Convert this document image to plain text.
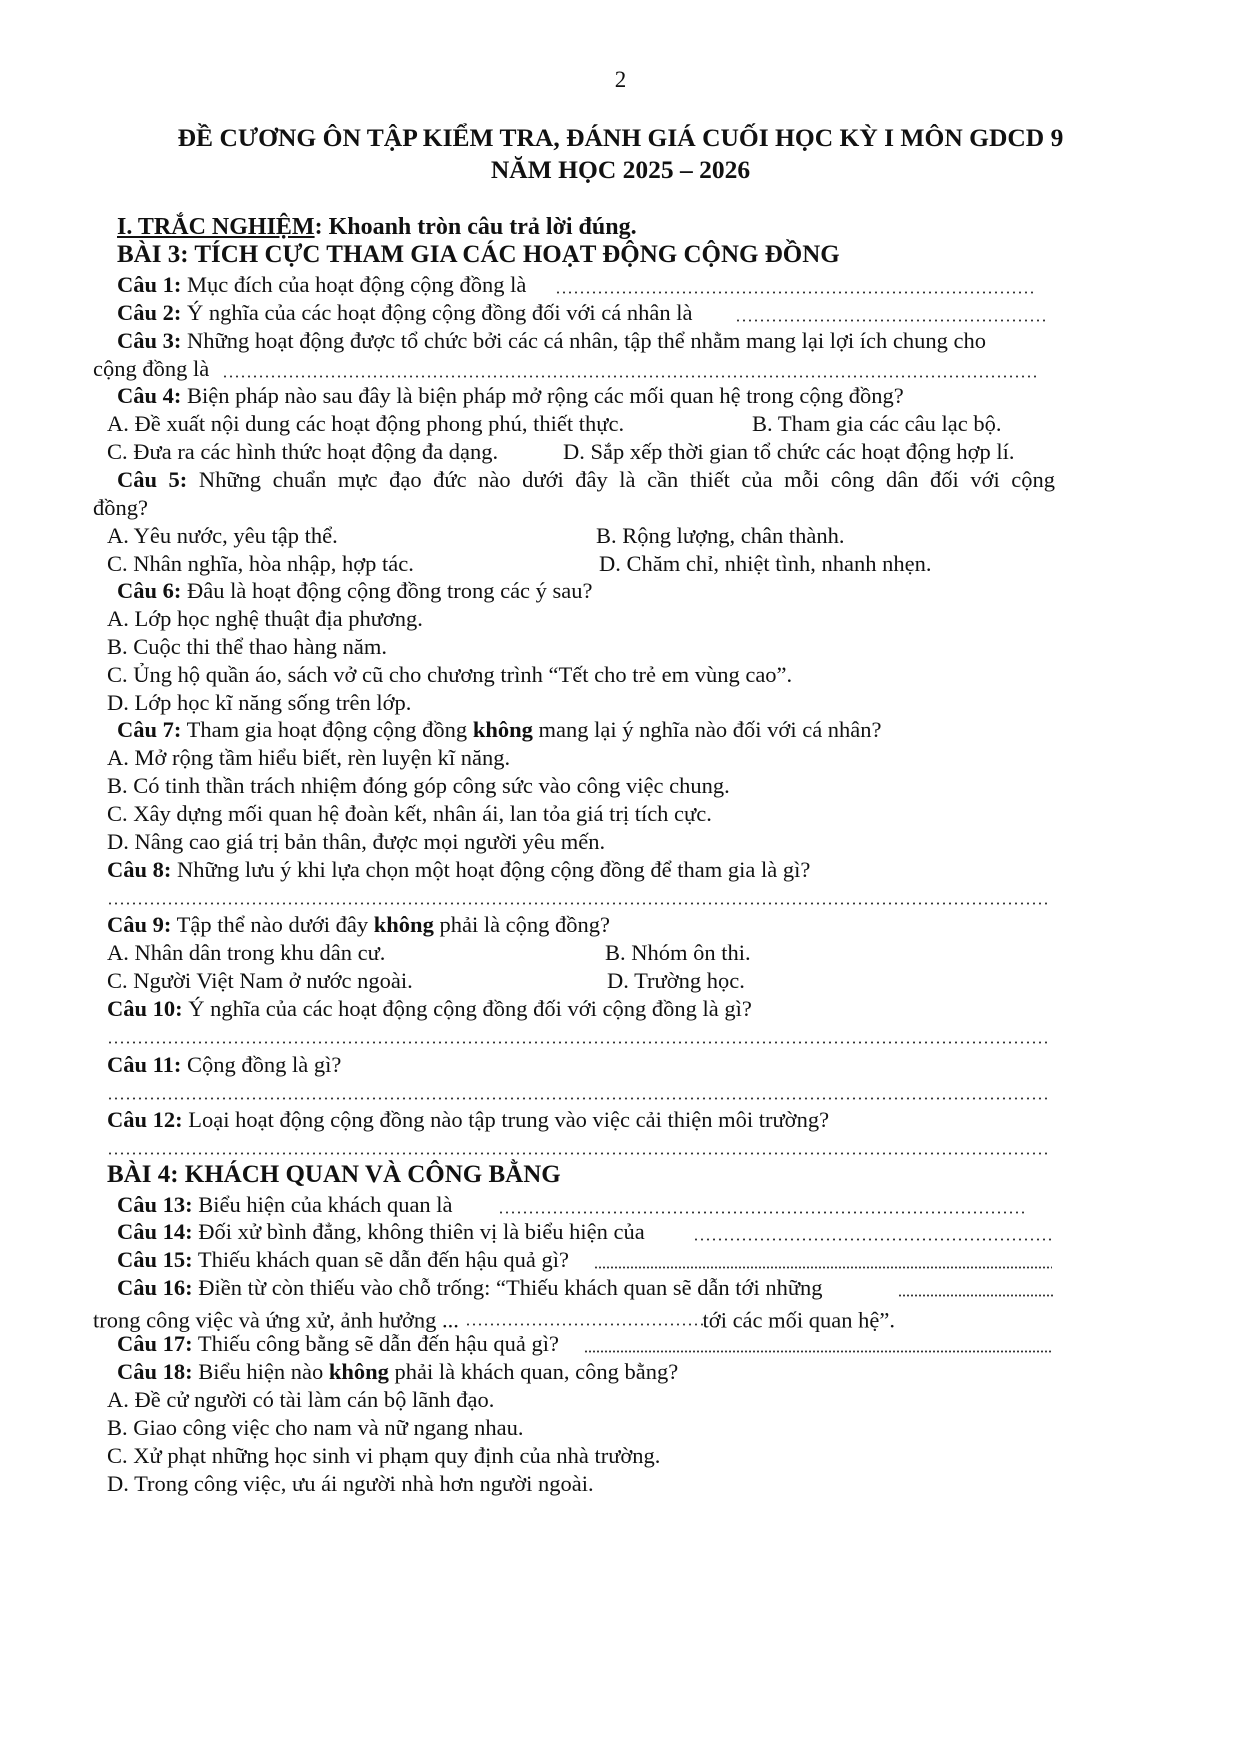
2
ĐỀ CƯƠNG ÔN TẬP KIỂM TRA, ĐÁNH GIÁ CUỐI HỌC KỲ I MÔN GDCD 9
NĂM HỌC 2025 – 2026
I. TRẮC NGHIỆM: Khoanh tròn câu trả lời đúng.
BÀI 3: TÍCH CỰC THAM GIA CÁC HOẠT ĐỘNG CỘNG ĐỒNG
Câu 1: Mục đích của hoạt động cộng đồng là
Câu 2: Ý nghĩa của các hoạt động cộng đồng đối với cá nhân là
Câu 3: Những hoạt động được tổ chức bởi các cá nhân, tập thể nhằm mang lại lợi ích chung cho
cộng đồng là
Câu 4: Biện pháp nào sau đây là biện pháp mở rộng các mối quan hệ trong cộng đồng?
A. Đề xuất nội dung các hoạt động phong phú, thiết thực.	B. Tham gia các câu lạc bộ.
C. Đưa ra các hình thức hoạt động đa dạng.	D. Sắp xếp thời gian tổ chức các hoạt động hợp lí.
Câu 5: Những chuẩn mực đạo đức nào dưới đây là cần thiết của mỗi công dân đối với cộng
đồng?
A. Yêu nước, yêu tập thể.	B. Rộng lượng, chân thành.
C. Nhân nghĩa, hòa nhập, hợp tác.	D. Chăm chỉ, nhiệt tình, nhanh nhẹn.
Câu 6: Đâu là hoạt động cộng đồng trong các ý sau?
A. Lớp học nghệ thuật địa phương.
B. Cuộc thi thể thao hàng năm.
C. Ủng hộ quần áo, sách vở cũ cho chương trình “Tết cho trẻ em vùng cao”.
D. Lớp học kĩ năng sống trên lớp.
Câu 7: Tham gia hoạt động cộng đồng không mang lại ý nghĩa nào đối với cá nhân?
A. Mở rộng tầm hiểu biết, rèn luyện kĩ năng.
B. Có tinh thần trách nhiệm đóng góp công sức vào công việc chung.
C. Xây dựng mối quan hệ đoàn kết, nhân ái, lan tỏa giá trị tích cực.
D. Nâng cao giá trị bản thân, được mọi người yêu mến.
Câu 8: Những lưu ý khi lựa chọn một hoạt động cộng đồng để tham gia là gì?
Câu 9: Tập thể nào dưới đây không phải là cộng đồng?
A. Nhân dân trong khu dân cư.	B. Nhóm ôn thi.
C. Người Việt Nam ở nước ngoài.	D. Trường học.
Câu 10: Ý nghĩa của các hoạt động cộng đồng đối với cộng đồng là gì?
Câu 11: Cộng đồng là gì?
Câu 12: Loại hoạt động cộng đồng nào tập trung vào việc cải thiện môi trường?
BÀI 4: KHÁCH QUAN VÀ CÔNG BẰNG
Câu 13: Biểu hiện của khách quan là
Câu 14: Đối xử bình đẳng, không thiên vị là biểu hiện của
Câu 15: Thiếu khách quan sẽ dẫn đến hậu quả gì?
Câu 16: Điền từ còn thiếu vào chỗ trống: “Thiếu khách quan sẽ dẫn tới những
trong công việc và ứng xử, ảnh hưởng ...	tới các mối quan hệ”.
Câu 17: Thiếu công bằng sẽ dẫn đến hậu quả gì?
Câu 18: Biểu hiện nào không phải là khách quan, công bằng?
A. Đề cử người có tài làm cán bộ lãnh đạo.
B. Giao công việc cho nam và nữ ngang nhau.
C. Xử phạt những học sinh vi phạm quy định của nhà trường.
D. Trong công việc, ưu ái người nhà hơn người ngoài.
